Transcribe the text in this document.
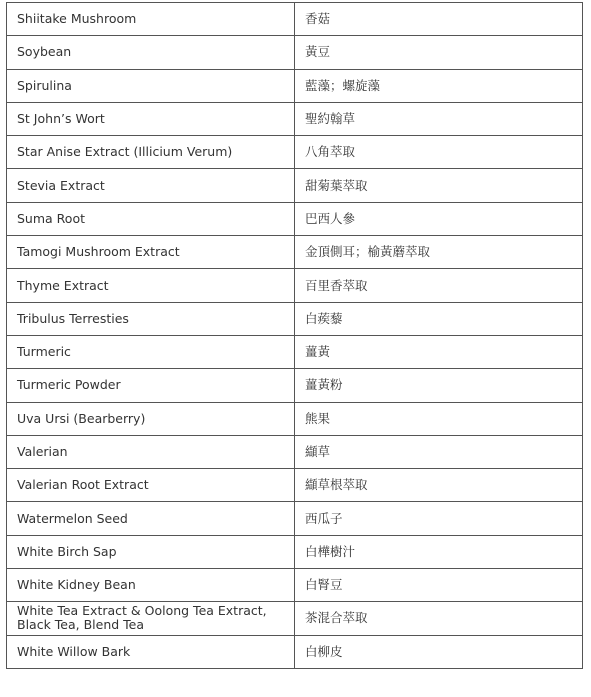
Shiitake Mushroom	香菇
Soybean	黃豆
Spirulina	藍藻；螺旋藻
St John’s Wort	聖約翰草
Star Anise Extract (Illicium Verum)	八角萃取
Stevia Extract	甜菊葉萃取
Suma Root	巴西人參
Tamogi Mushroom Extract	金頂側耳；榆黃蘑萃取
Thyme Extract	百里香萃取
Tribulus Terresties	白蒺藜
Turmeric	薑黃
Turmeric Powder	薑黃粉
Uva Ursi (Bearberry)	熊果
Valerian	纈草
Valerian Root Extract	纈草根萃取
Watermelon Seed	西瓜子
White Birch Sap	白樺樹汁
White Kidney Bean	白腎豆
White Tea Extract & Oolong Tea Extract, Black Tea, Blend Tea	茶混合萃取
White Willow Bark	白柳皮
